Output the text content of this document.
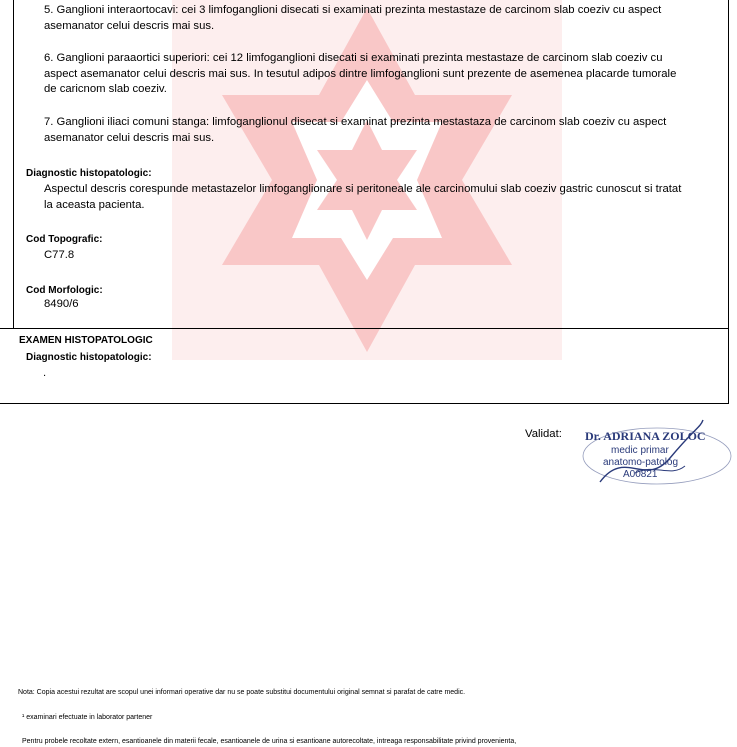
5. Ganglioni interaortocavi: cei 3 limfoganglioni disecati si examinati prezinta mestastaze de carcinom slab coeziv cu aspect asemanator celui descris mai sus.
6. Ganglioni paraaortici superiori: cei 12 limfoganglioni disecati si examinati prezinta mestastaze de carcinom slab coeziv cu aspect asemanator celui descris mai sus. In tesutul adipos dintre limfoganglioni sunt prezente de asemenea placarde tumorale de caricnom slab coeziv.
7. Ganglioni iliaci comuni stanga: limfoganglionul disecat si examinat prezinta mestastaza de carcinom slab coeziv cu aspect asemanator celui descris mai sus.
Diagnostic histopatologic:
Aspectul descris corespunde metastazelor limfoganglionare si peritoneale ale carcinomului slab coeziv gastric cunoscut si tratat la aceasta pacienta.
Cod Topografic:
C77.8
Cod Morfologic:
8490/6
EXAMEN HISTOPATOLOGIC
Diagnostic histopatologic:
.
Validat: Dr. ADRIANA ZOLOC
medic primar
anatomo-patolog
A00821
Nota: Copia acestui rezultat are scopul unei informari operative dar nu se poate substitui documentului original semnat si parafat de catre medic.
¹ examinari efectuate in laborator partener
Pentru probele recoltate extern, esantioanele din materii fecale, esantioanele de urina si esantioane autorecoltate, intreaga responsabilitate privind provenienta,
